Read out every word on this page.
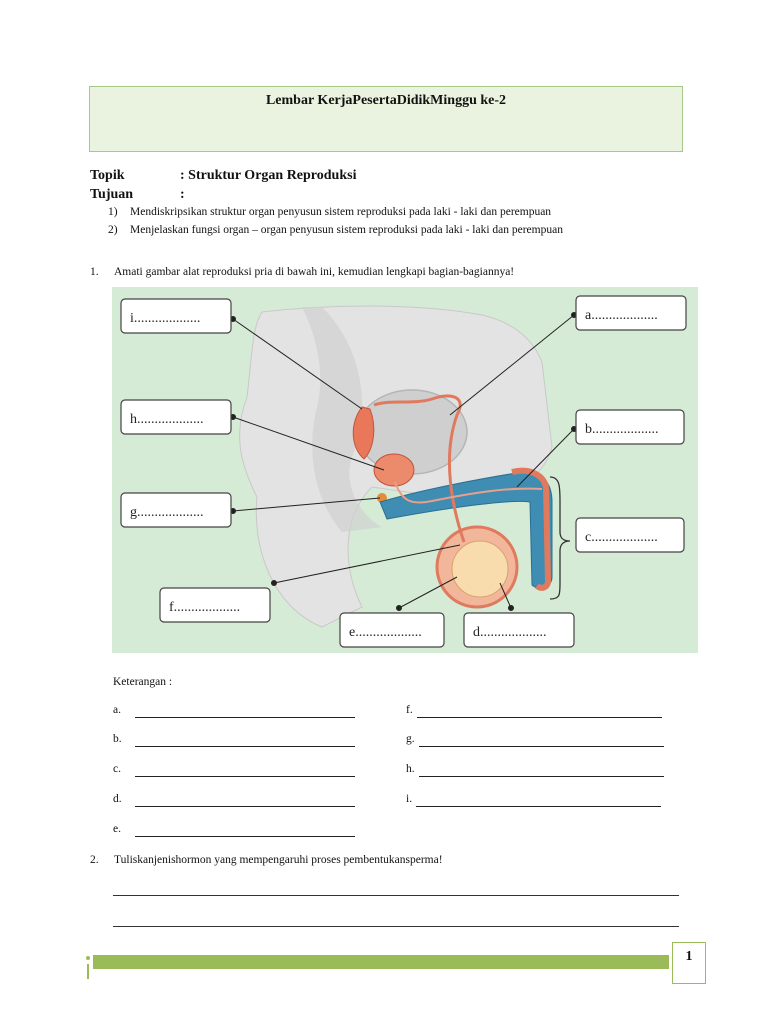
Lembar KerjaPesertaDidikMinggu ke-2
Topik	: Struktur Organ Reproduksi
Tujuan	:
1) Mendiskripsikan struktur organ penyusun sistem reproduksi pada laki - laki dan perempuan
2) Menjelaskan fungsi organ – organ penyusun sistem reproduksi pada laki - laki dan perempuan
1. Amati gambar alat reproduksi pria di bawah ini, kemudian lengkapi bagian-bagiannya!
i...................
h...................
g...................
f...................
e...................	d...................
c...................
b...................
a...................
Keterangan :
a.
b.
c.
d.
e.
f.
g.
h.
i.
2. Tuliskanjenishormon yang mempengaruhi proses pembentukansperma!
1
